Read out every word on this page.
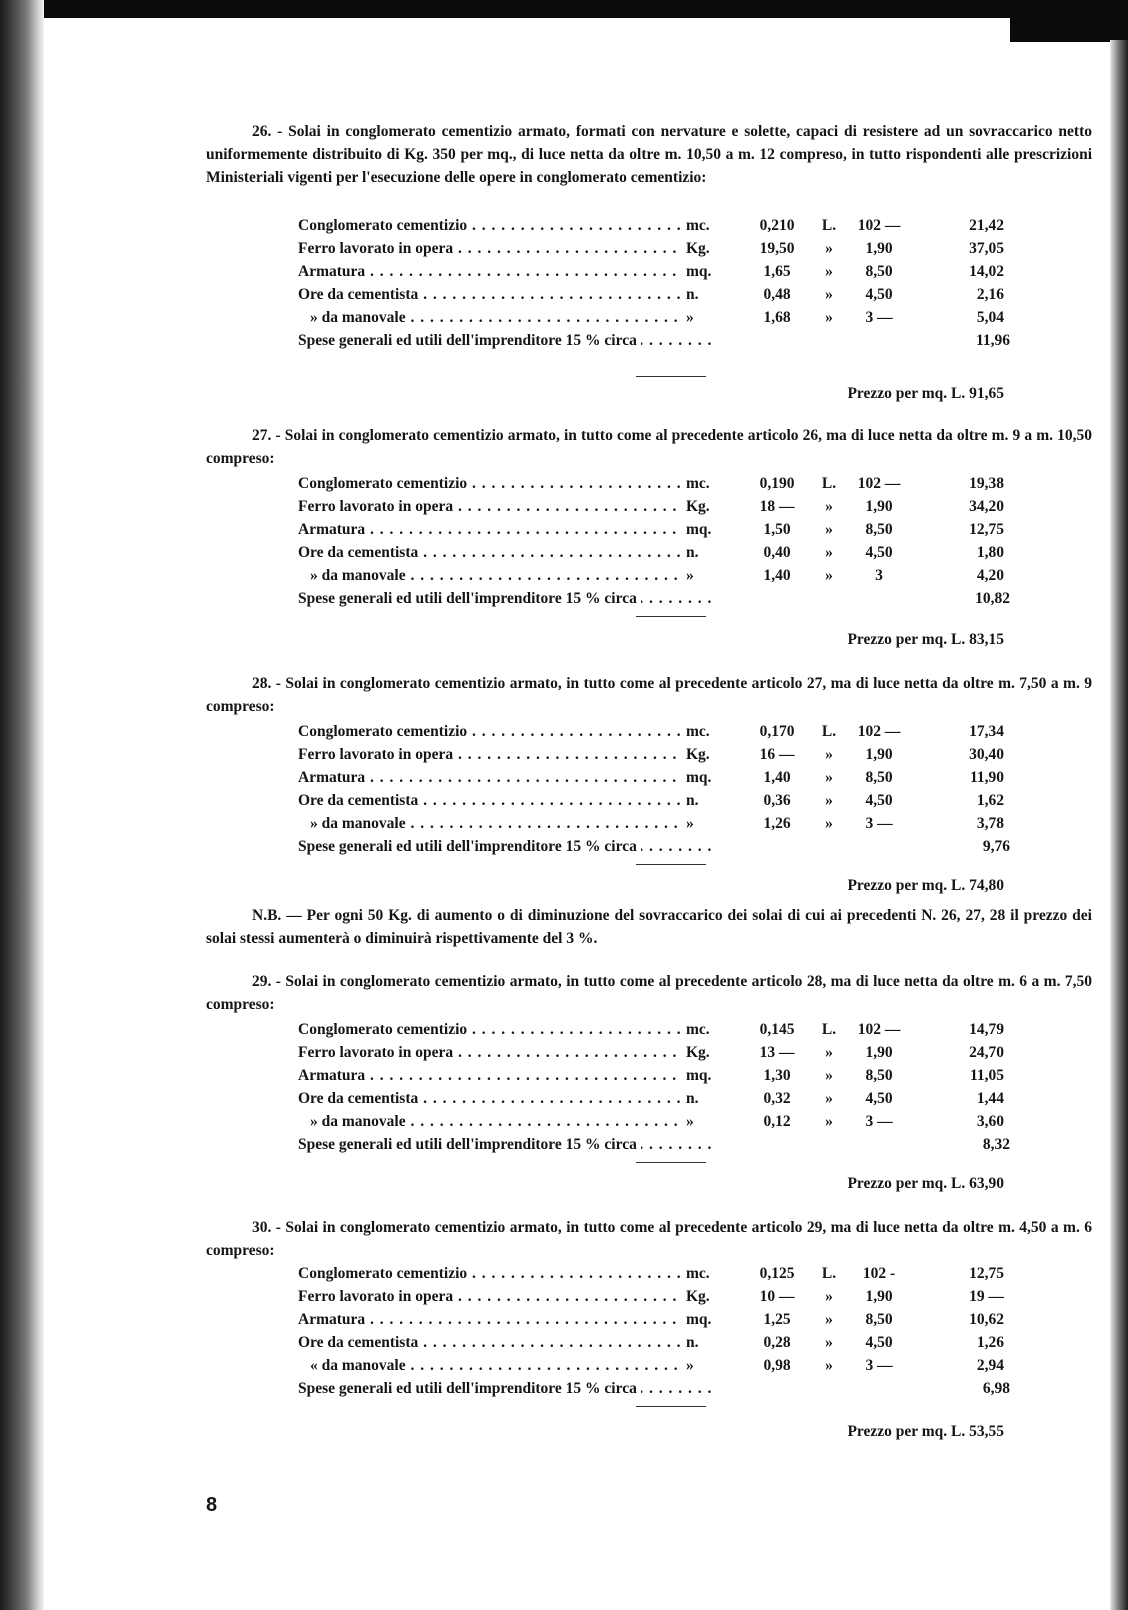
26. - Solai in conglomerato cementizio armato, formati con nervature e solette, capaci di resistere ad un sovraccarico netto uniformemente distribuito di Kg. 350 per mq., di luce netta da oltre m. 10,50 a m. 12 compreso, in tutto rispondenti alle prescrizioni Ministeriali vigenti per l'esecuzione delle opere in conglomerato cementizio:

Conglomerato cementizio . . .	mc.	0,210	L.	102 —	21,42
Ferro lavorato in opera . . .	Kg.	19,50	»	1,90	37,05
Armatura . . .	mq.	1,65	»	8,50	14,02
Ore da cementista . . .	n.	0,48	»	4,50	2,16
» da manovale . . .	»	1,68	»	3 —	5,04
Spese generali ed utili dell'imprenditore 15 % circa
. . .	11,96
Prezzo per mq. L. 91,65

27. - Solai in conglomerato cementizio armato, in tutto come al precedente articolo 26, ma di luce netta da oltre m. 9 a m. 10,50 compreso:

Conglomerato cementizio . . .	mc.	0,190	L.	102 —	19,38
Ferro lavorato in opera . . .	Kg.	18 —	»	1,90	34,20
Armatura . . .	mq.	1,50	»	8,50	12,75
Ore da cementista . . .	n.	0,40	»	4,50	1,80
» da manovale . . .	»	1,40	»	3	4,20
Spese generali ed utili dell'imprenditore 15 % circa
. . .	10,82
Prezzo per mq. L. 83,15

28. - Solai in conglomerato cementizio armato, in tutto come al precedente articolo 27, ma di luce netta da oltre m. 7,50 a m. 9 compreso:

Conglomerato cementizio . . .	mc.	0,170	L.	102 —	17,34
Ferro lavorato in opera . . .	Kg.	16 —	»	1,90	30,40
Armatura . . .	mq.	1,40	»	8,50	11,90
Ore da cementista . . .	n.	0,36	»	4,50	1,62
» da manovale . . .	»	1,26	»	3 —	3,78
Spese generali ed utili dell'imprenditore 15 % circa
. . .	9,76
Prezzo per mq. L. 74,80

N.B. — Per ogni 50 Kg. di aumento o di diminuzione del sovraccarico dei solai di cui ai precedenti N. 26, 27, 28 il prezzo dei solai stessi aumenterà o diminuirà rispettivamente del 3 %.

29. - Solai in conglomerato cementizio armato, in tutto come al precedente articolo 28, ma di luce netta da oltre m. 6 a m. 7,50 compreso:

Conglomerato cementizio . . .	mc.	0,145	L.	102 —	14,79
Ferro lavorato in opera . . .	Kg.	13 —	»	1,90	24,70
Armatura . . .	mq.	1,30	»	8,50	11,05
Ore da cementista . . .	n.	0,32	»	4,50	1,44
» da manovale . . .	»	0,12	»	3 —	3,60
Spese generali ed utili dell'imprenditore 15 % circa
. . .	8,32
Prezzo per mq. L. 63,90

30. - Solai in conglomerato cementizio armato, in tutto come al precedente articolo 29, ma di luce netta da oltre m. 4,50 a m. 6 compreso:

Conglomerato cementizio . . .	mc.	0,125	L.	102 -	12,75
Ferro lavorato in opera . . .	Kg.	10 —	»	1,90	19 —
Armatura . . .	mq.	1,25	»	8,50	10,62
Ore da cementista . . .	n.	0,28	»	4,50	1,26
« da manovale . . .	»	0,98	»	3 —	2,94
Spese generali ed utili dell'imprenditore 15 % circa
. . .	6,98
Prezzo per mq. L. 53,55
8
